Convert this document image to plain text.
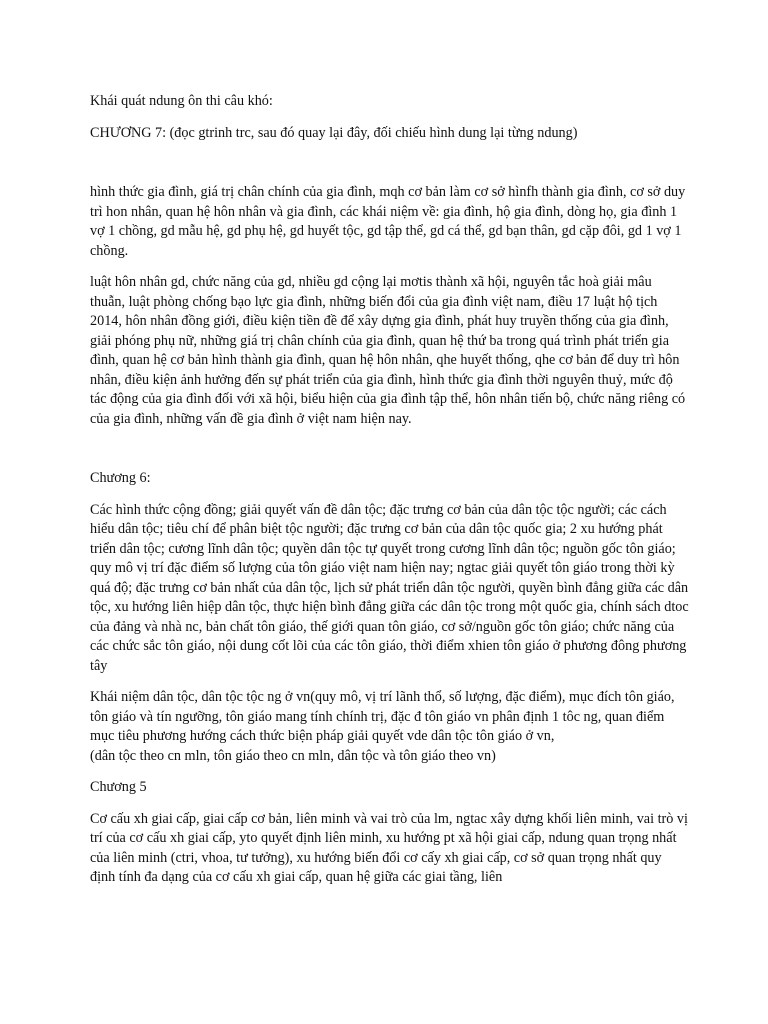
Khái quát ndung ôn thi câu khó:

CHƯƠNG 7: (đọc gtrinh trc, sau đó quay lại đây, đối chiếu hình dung lại từng ndung)

hình thức gia đình, giá trị chân chính của gia đình, mqh cơ bản làm cơ sở hìnfh thành gia đình, cơ sở duy trì hon nhân, quan hệ hôn nhân và gia đình, các khái niệm về: gia đình, hộ gia đình, dòng họ, gia đình 1 vợ 1 chồng, gd mẫu hệ, gd phụ hệ, gd huyết tộc, gd tập thể, gd cá thể, gd bạn thân, gd cặp đôi, gd 1 vợ 1 chồng.

luật hôn nhân gd, chức năng của gd, nhiều gd cộng lại mơtis thành xã hội, nguyên tắc hoà giải mâu thuẫn, luật phòng chống bạo lực gia đình, những biến đổi của gia đình việt nam, điều 17 luật hộ tịch 2014, hôn nhân đồng giới, điều kiện tiền đề để xây dựng gia đình, phát huy truyền thống của gia đình, giải phóng phụ nữ, những giá trị chân chính của gia đình, quan hệ thứ ba trong quá trình phát triển gia đình, quan hệ cơ bản hình thành gia đình, quan hệ hôn nhân, qhe huyết thống, qhe cơ bản để duy trì hôn nhân, điều kiện ảnh hưởng đến sự phát triển của gia đình, hình thức gia đình thời nguyên thuỷ, mức độ tác động của gia đình đối với xã hội, biểu hiện của gia đình tập thể, hôn nhân tiến bộ, chức năng riêng có của gia đình, những vấn đề gia đình ở việt nam hiện nay.

Chương 6:

Các hình thức cộng đồng; giải quyết vấn đề dân tộc; đặc trưng cơ bản của dân tộc tộc người; các cách hiểu dân tộc; tiêu chí để phân biệt tộc người; đặc trưng cơ bản của dân tộc quốc gia; 2 xu hướng phát triển dân tộc; cương lĩnh dân tộc; quyền dân tộc tự quyết trong cương lĩnh dân tộc; nguồn gốc tôn giáo; quy mô vị trí đặc điểm số lượng của tôn giáo việt nam hiện nay; ngtac giải quyết tôn giáo trong thời kỳ quá độ; đặc trưng cơ bản nhất của dân tộc, lịch sử phát triển dân tộc người, quyền bình đẳng giữa các dân tộc, xu hướng liên hiệp dân tộc, thực hiện bình đẳng giữa các dân tộc trong một quốc gia, chính sách dtoc của đảng và nhà nc, bản chất tôn giáo, thế giới quan tôn giáo, cơ sở/nguồn gốc tôn giáo; chức năng của các chức sắc tôn giáo, nội dung cốt lõi của các tôn giáo, thời điểm xhien tôn giáo ở phương đông phương tây

Khái niệm dân tộc, dân tộc tộc ng ở vn(quy mô, vị trí lãnh thổ, số lượng, đặc điểm), mục đích tôn giáo, tôn giáo và tín ngưỡng, tôn giáo mang tính chính trị, đặc đ tôn giáo vn phân định 1 tôc ng, quan điểm mục tiêu phương hướng cách thức biện pháp giải quyết vde dân tộc tôn giáo ở vn,

(dân tộc theo cn mln, tôn giáo theo cn mln, dân tộc và tôn giáo theo vn)

Chương 5

Cơ cấu xh giai cấp, giai cấp cơ bản, liên minh và vai trò của lm, ngtac xây dựng khối liên minh, vai trò vị trí của cơ cấu xh giai cấp, yto quyết định liên minh, xu hướng pt xã hội giai cấp, ndung quan trọng nhất của liên minh (ctri, vhoa, tư tưởng), xu hướng biến đổi cơ cấy xh giai cấp, cơ sở quan trọng nhất quy định tính đa dạng của cơ cấu xh giai cấp, quan hệ giữa các giai tầng, liên
